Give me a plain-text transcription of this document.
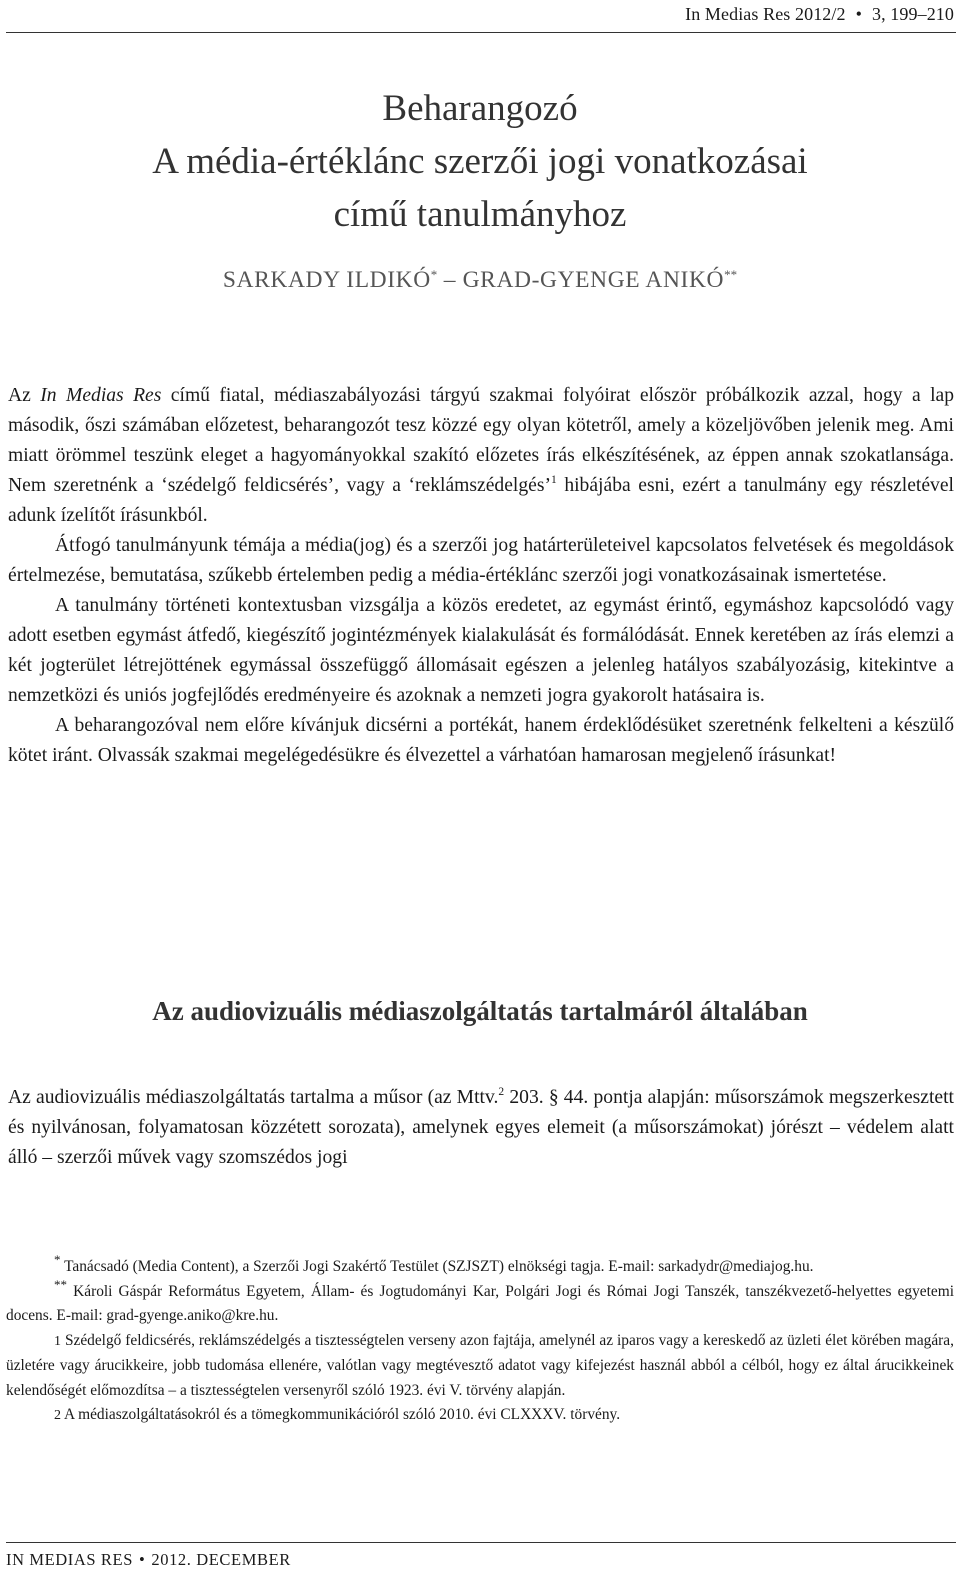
In Medias Res 2012/2 • 3, 199–210
Beharangozó
A média-értéklánc szerzői jogi vonatkozásai
című tanulmányhoz
SARKADY ILDIKÓ* – GRAD-GYENGE ANIKÓ**

Az In Medias Res című fiatal, médiaszabályozási tárgyú szakmai folyóirat először próbálkozik azzal, hogy a lap második, őszi számában előzetest, beharangozót tesz közzé egy olyan kötetről, amely a közeljövőben jelenik meg. Ami miatt örömmel teszünk eleget a hagyományokkal szakító előzetes írás elkészítésének, az éppen annak szokatlansága. Nem szeretnénk a ‘szédelgő feldicsérés’, vagy a ‘reklámszédelgés’$^1$ hibájába esni, ezért a tanulmány egy részletével adunk ízelítőt írásunkból.

Átfogó tanulmányunk témája a média(jog) és a szerzői jog határterületeivel kapcsolatos felvetések és megoldások értelmezése, bemutatása, szűkebb értelemben pedig a média-értéklánc szerzői jogi vonatkozásainak ismertetése.

A tanulmány történeti kontextusban vizsgálja a közös eredetet, az egymást érintő, egymáshoz kapcsolódó vagy adott esetben egymást átfedő, kiegészítő jogintézmények kialakulását és formálódását. Ennek keretében az írás elemzi a két jogterület létrejöttének egymással összefüggő állomásait egészen a jelenleg hatályos szabályozásig, kitekintve a nemzetközi és uniós jogfejlődés eredményeire és azoknak a nemzeti jogra gyakorolt hatásaira is.

A beharangozóval nem előre kívánjuk dicsérni a portékát, hanem érdeklődésüket szeretnénk felkelteni a készülő kötet iránt. Olvassák szakmai megelégedésükre és élvezettel a várhatóan hamarosan megjelenő írásunkat!

Az audiovizuális médiaszolgáltatás tartalmáról általában

Az audiovizuális médiaszolgáltatás tartalma a műsor (az Mttv.$^2$ 203. § 44. pontja alapján: műsorszámok megszerkesztett és nyilvánosan, folyamatosan közzétett sorozata), amelynek egyes elemeit (a műsorszámokat) jórészt – védelem alatt álló – szerzői művek vagy szomszédos jogi

* Tanácsadó (Media Content), a Szerzői Jogi Szakértő Testület (SZJSZT) elnökségi tagja. E-mail: sarkadydr@mediajog.hu.

** Károli Gáspár Református Egyetem, Állam- és Jogtudományi Kar, Polgári Jogi és Római Jogi Tanszék, tanszékvezető-helyettes egyetemi docens. E-mail: grad-gyenge.aniko@kre.hu.

1 Szédelgő feldicsérés, reklámszédelgés a tisztességtelen verseny azon fajtája, amelynél az iparos vagy a kereskedő az üzleti élet körében magára, üzletére vagy árucikkeire, jobb tudomása ellenére, valótlan vagy megtévesztő adatot vagy kifejezést használ abból a célból, hogy ez által árucikkeinek kelendőségét előmozdítsa – a tisztességtelen versenyről szóló 1923. évi V. törvény alapján.

2 A médiaszolgáltatásokról és a tömegkommunikációról szóló 2010. évi CLXXXV. törvény.

IN MEDIAS RES • 2012. DECEMBER
